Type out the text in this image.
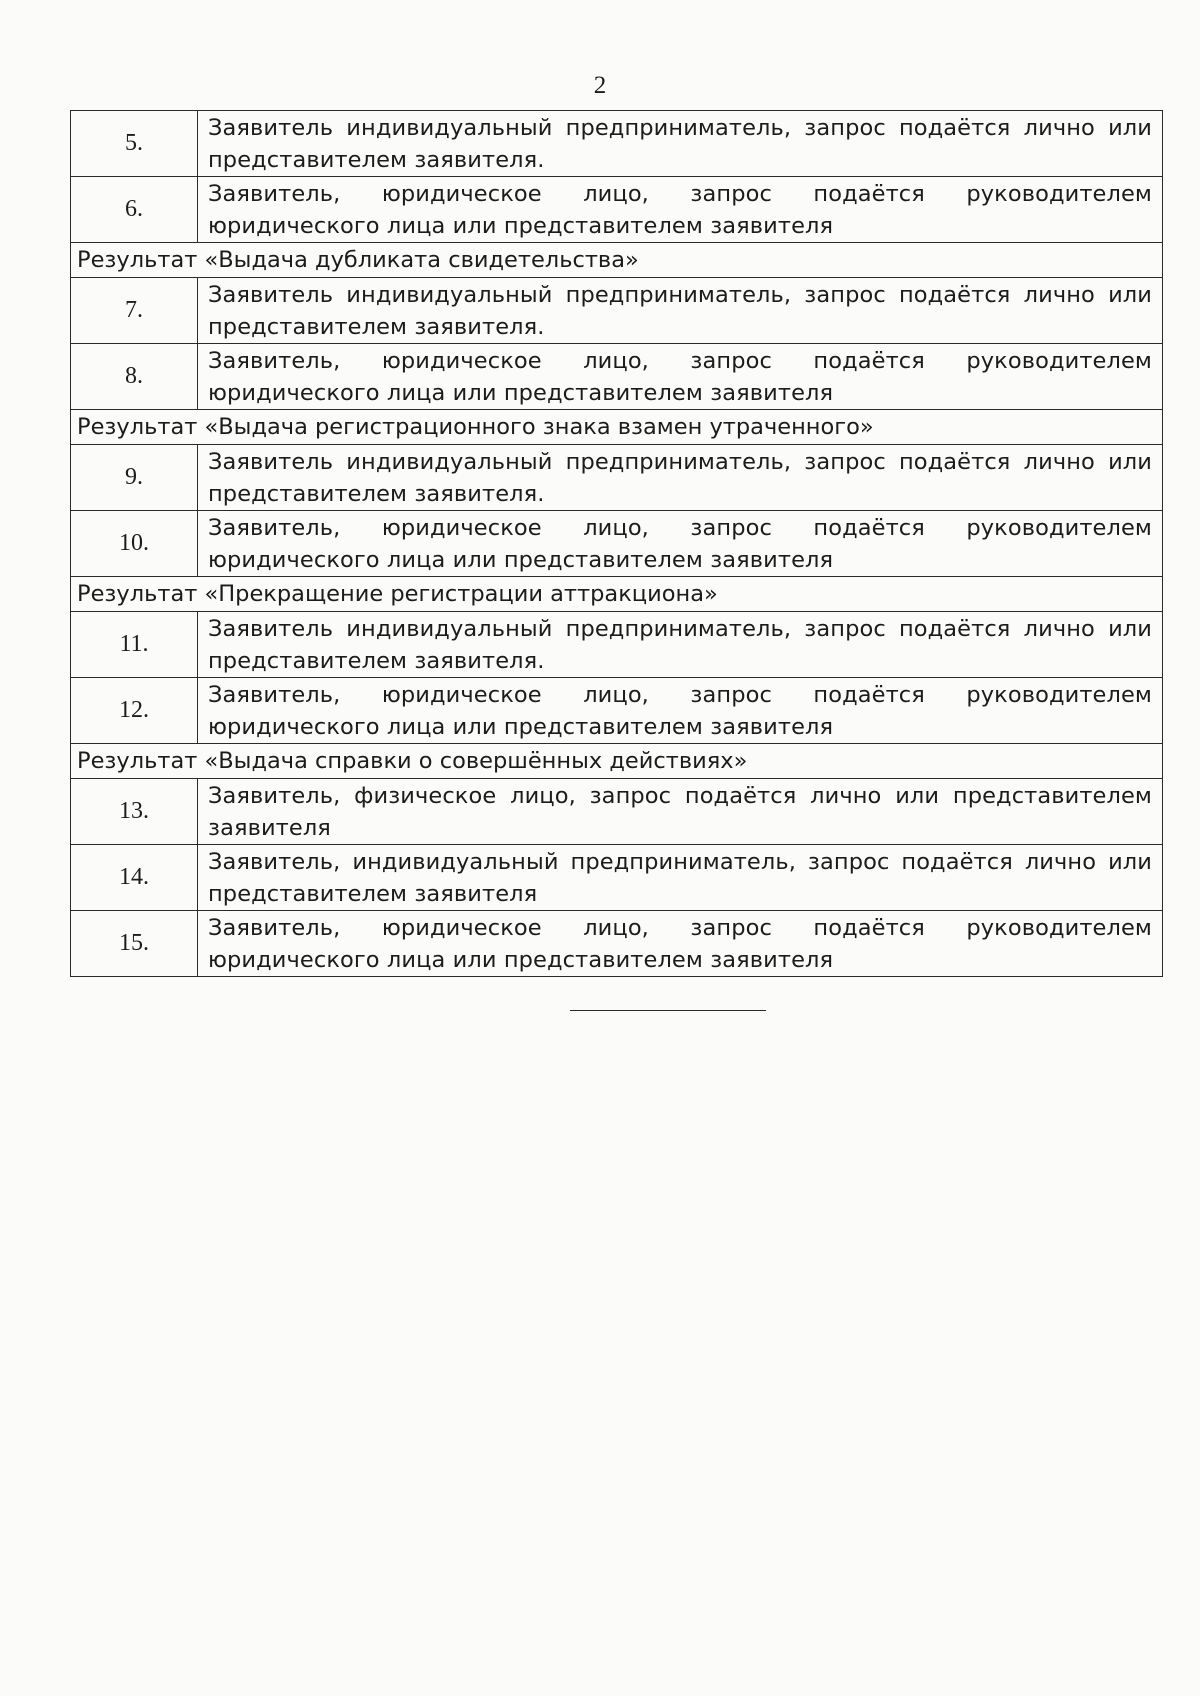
2
5.	Заявитель индивидуальный предприниматель, запрос подаётся лично или представителем заявителя.
6.	Заявитель, юридическое лицо, запрос подаётся руководителем юридического лица или представителем заявителя
Результат «Выдача дубликата свидетельства»	
7.	Заявитель индивидуальный предприниматель, запрос подаётся лично или представителем заявителя.
8.	Заявитель, юридическое лицо, запрос подаётся руководителем юридического лица или представителем заявителя
Результат «Выдача регистрационного знака взамен утраченного»	
9.	Заявитель индивидуальный предприниматель, запрос подаётся лично или представителем заявителя.
10.	Заявитель, юридическое лицо, запрос подаётся руководителем юридического лица или представителем заявителя
Результат «Прекращение регистрации аттракциона»	
11.	Заявитель индивидуальный предприниматель, запрос подаётся лично или представителем заявителя.
12.	Заявитель, юридическое лицо, запрос подаётся руководителем юридического лица или представителем заявителя
Результат «Выдача справки о совершённых действиях»	
13.	Заявитель, физическое лицо, запрос подаётся лично или представителем заявителя
14.	Заявитель, индивидуальный предприниматель, запрос подаётся лично или представителем заявителя
15.	Заявитель, юридическое лицо, запрос подаётся руководителем юридического лица или представителем заявителя
